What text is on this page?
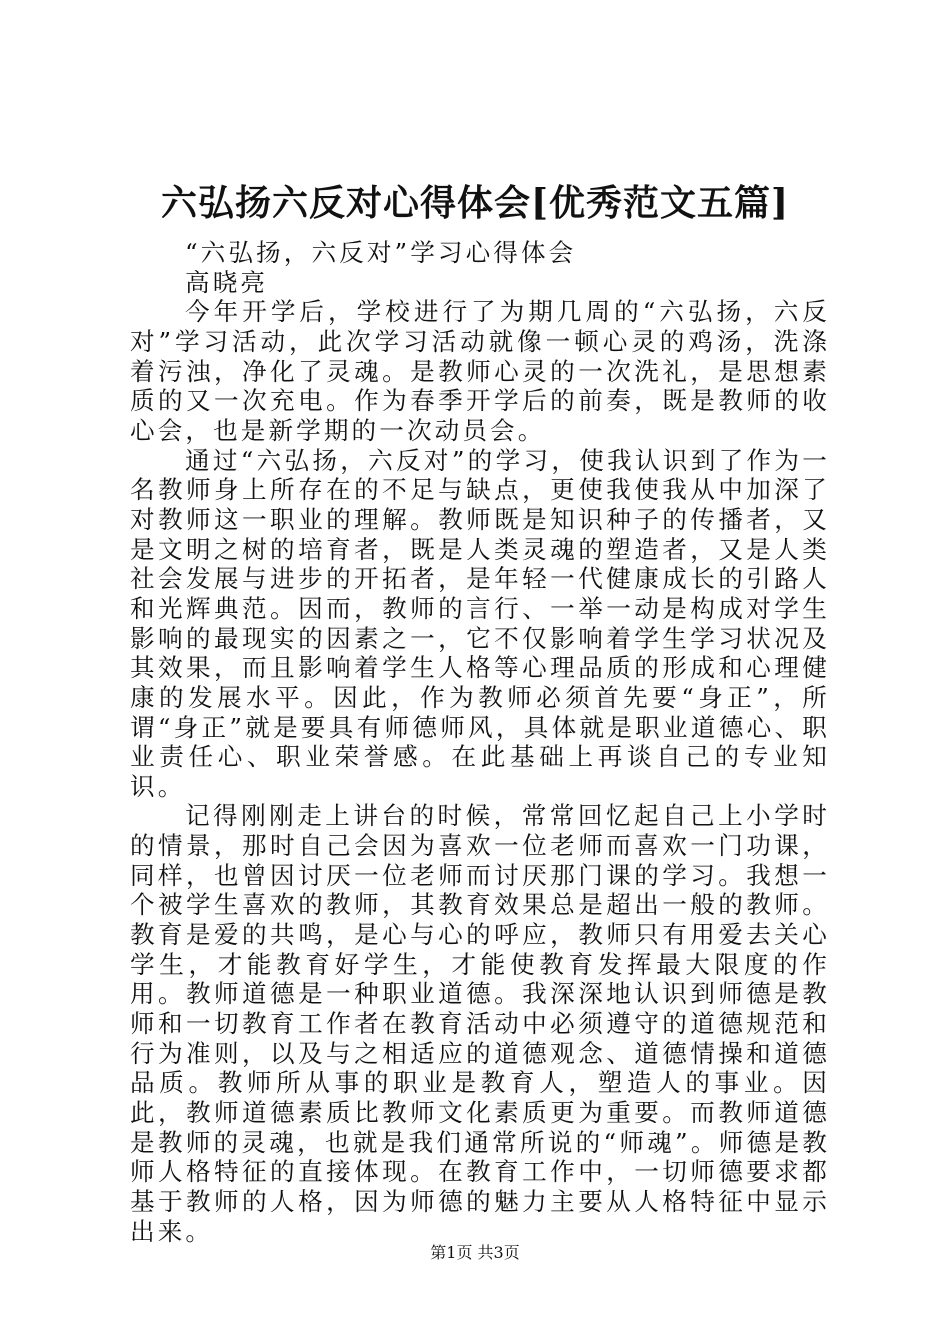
六弘扬六反对心得体会[优秀范文五篇]

“六弘扬，六反对”学习心得体会

高晓亮

今年开学后，学校进行了为期几周的“六弘扬，六反对”学习活动，此次学习活动就像一顿心灵的鸡汤，洗涤着污浊，净化了灵魂。是教师心灵的一次洗礼，是思想素质的又一次充电。作为春季开学后的前奏，既是教师的收心会，也是新学期的一次动员会。

通过“六弘扬，六反对”的学习，使我认识到了作为一名教师身上所存在的不足与缺点，更使我使我从中加深了对教师这一职业的理解。教师既是知识种子的传播者，又是文明之树的培育者，既是人类灵魂的塑造者，又是人类社会发展与进步的开拓者，是年轻一代健康成长的引路人和光辉典范。因而，教师的言行、一举一动是构成对学生影响的最现实的因素之一，它不仅影响着学生学习状况及其效果，而且影响着学生人格等心理品质的形成和心理健康的发展水平。因此，作为教师必须首先要“身正”，所谓“身正”就是要具有师德师风，具体就是职业道德心、职业责任心、职业荣誉感。在此基础上再谈自己的专业知识。

记得刚刚走上讲台的时候，常常回忆起自己上小学时的情景，那时自己会因为喜欢一位老师而喜欢一门功课，同样，也曾因讨厌一位老师而讨厌那门课的学习。我想一个被学生喜欢的教师，其教育效果总是超出一般的教师。教育是爱的共鸣，是心与心的呼应，教师只有用爱去关心学生，才能教育好学生，才能使教育发挥最大限度的作用。教师道德是一种职业道德。我深深地认识到师德是教师和一切教育工作者在教育活动中必须遵守的道德规范和行为准则，以及与之相适应的道德观念、道德情操和道德品质。教师所从事的职业是教育人，塑造人的事业。因此，教师道德素质比教师文化素质更为重要。而教师道德是教师的灵魂，也就是我们通常所说的“师魂”。师德是教师人格特征的直接体现。在教育工作中，一切师德要求都基于教师的人格，因为师德的魅力主要从人格特征中显示出来。

第1页 共3页
